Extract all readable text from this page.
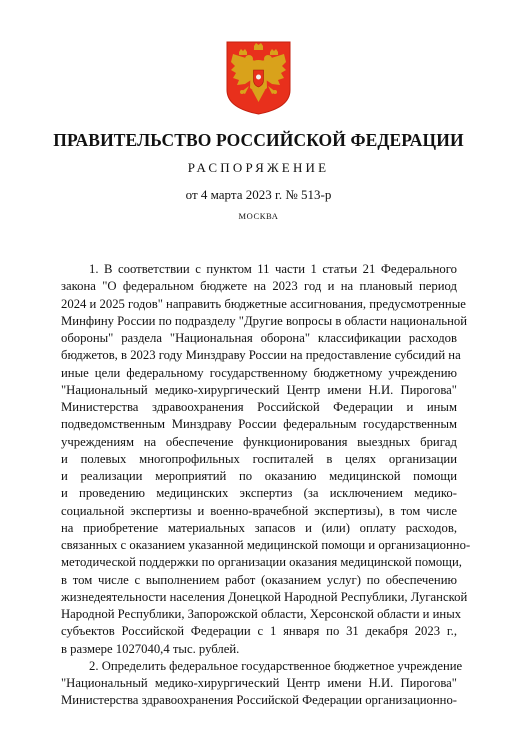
ПРАВИТЕЛЬСТВО РОССИЙСКОЙ ФЕДЕРАЦИИ
РАСПОРЯЖЕНИЕ
от 4 марта 2023 г. № 513-р
МОСКВА
1. В соответствии с пунктом 11 части 1 статьи 21 Федерального
закона "О федеральном бюджете на 2023 год и на плановый период
2024 и 2025 годов" направить бюджетные ассигнования, предусмотренные
Минфину России по подразделу "Другие вопросы в области национальной
обороны" раздела "Национальная оборона" классификации расходов
бюджетов, в 2023 году Минздраву России на предоставление субсидий на
иные цели федеральному государственному бюджетному учреждению
"Национальный медико-хирургический Центр имени Н.И. Пирогова"
Министерства здравоохранения Российской Федерации и иным
подведомственным Минздраву России федеральным государственным
учреждениям на обеспечение функционирования выездных бригад
и полевых многопрофильных госпиталей в целях организации
и реализации мероприятий по оказанию медицинской помощи
и проведению медицинских экспертиз (за исключением медико-
социальной экспертизы и военно-врачебной экспертизы), в том числе
на приобретение материальных запасов и (или) оплату расходов,
связанных с оказанием указанной медицинской помощи и организационно-
методической поддержки по организации оказания медицинской помощи,
в том числе с выполнением работ (оказанием услуг) по обеспечению
жизнедеятельности населения Донецкой Народной Республики, Луганской
Народной Республики, Запорожской области, Херсонской области и иных
субъектов Российской Федерации с 1 января по 31 декабря 2023 г.,
в размере 1027040,4 тыс. рублей.
2. Определить федеральное государственное бюджетное учреждение
"Национальный медико-хирургический Центр имени Н.И. Пирогова"
Министерства здравоохранения Российской Федерации организационно-
